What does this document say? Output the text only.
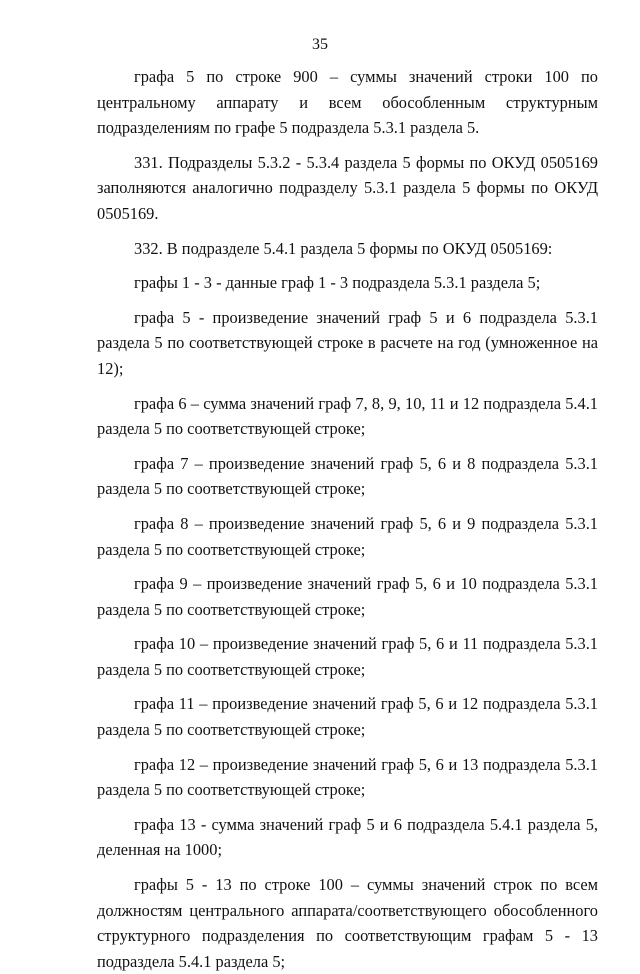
35

графа 5 по строке 900 – суммы значений строки 100 по центральному аппарату и всем обособленным структурным подразделениям по графе 5 подраздела 5.3.1 раздела 5.

331. Подразделы 5.3.2 - 5.3.4 раздела 5 формы по ОКУД 0505169 заполняются аналогично подразделу 5.3.1 раздела 5 формы по ОКУД 0505169.

332. В подразделе 5.4.1 раздела 5 формы по ОКУД 0505169:

графы 1 - 3 - данные граф 1 - 3 подраздела 5.3.1 раздела 5;

графа 5 - произведение значений граф 5 и 6 подраздела 5.3.1 раздела 5 по соответствующей строке в расчете на год (умноженное на 12);

графа 6 – сумма значений граф 7, 8, 9, 10, 11 и 12 подраздела 5.4.1 раздела 5 по соответствующей строке;

графа 7 – произведение значений граф 5, 6 и 8 подраздела 5.3.1 раздела 5 по соответствующей строке;

графа 8 – произведение значений граф 5, 6 и 9 подраздела 5.3.1 раздела 5 по соответствующей строке;

графа 9 – произведение значений граф 5, 6 и 10 подраздела 5.3.1 раздела 5 по соответствующей строке;

графа 10 – произведение значений граф 5, 6 и 11 подраздела 5.3.1 раздела 5 по соответствующей строке;

графа 11 – произведение значений граф 5, 6 и 12 подраздела 5.3.1 раздела 5 по соответствующей строке;

графа 12 – произведение значений граф 5, 6 и 13 подраздела 5.3.1 раздела 5 по соответствующей строке;

графа 13 - сумма значений граф 5 и 6 подраздела 5.4.1 раздела 5, деленная на 1000;

графы 5 - 13 по строке 100 – суммы значений строк по всем должностям центрального аппарата/соответствующего обособленного структурного подразделения по соответствующим графам 5 - 13 подраздела 5.4.1 раздела 5;
